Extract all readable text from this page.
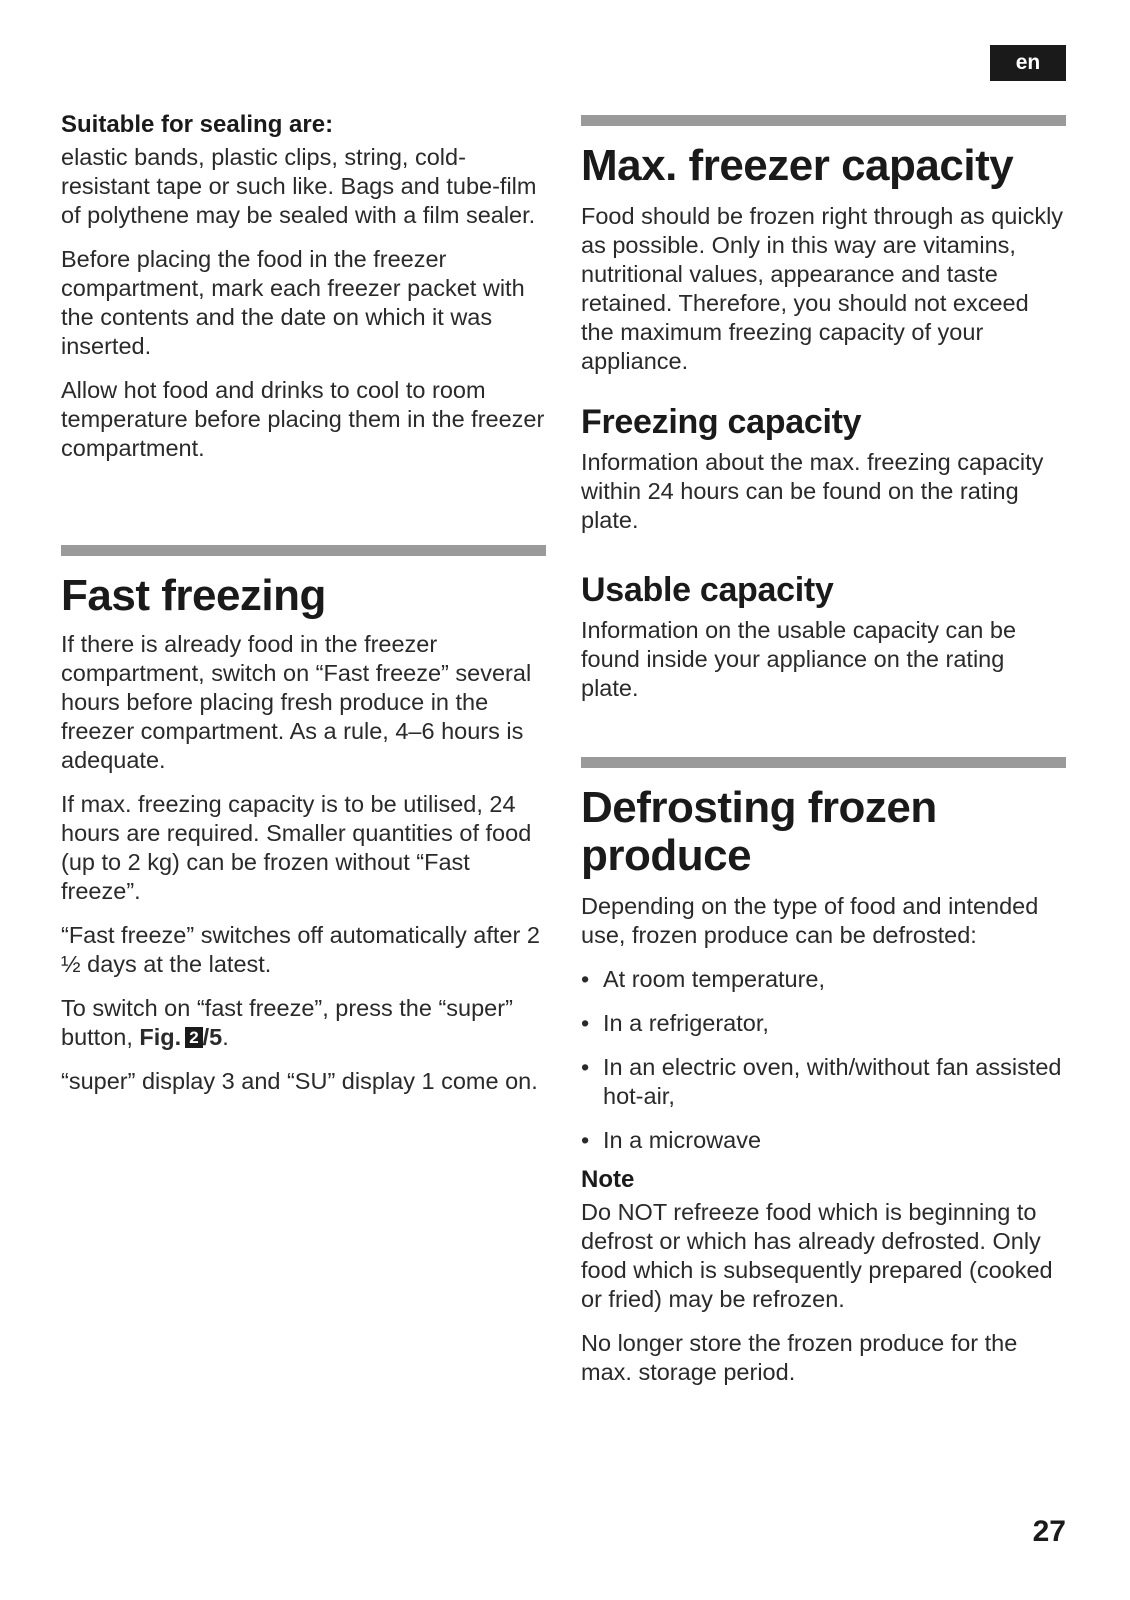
en
Suitable for sealing are:

elastic bands, plastic clips, string, cold-resistant tape or such like. Bags and tube-film of polythene may be sealed with a film sealer.

Before placing the food in the freezer compartment, mark each freezer packet with the contents and the date on which it was inserted.

Allow hot food and drinks to cool to room temperature before placing them in the freezer compartment.

Fast freezing

If there is already food in the freezer compartment, switch on “Fast freeze” several hours before placing fresh produce in the freezer compartment. As a rule, 4–6 hours is adequate.

If max. freezing capacity is to be utilised, 24 hours are required. Smaller quantities of food (up to 2 kg) can be frozen without “Fast freeze”.

“Fast freeze” switches off automatically after 2 ½ days at the latest.

To switch on “fast freeze”, press the “super” button, Fig. 2 /5.

“super” display 3 and “SU” display 1 come on.

Max. freezer capacity

Food should be frozen right through as quickly as possible. Only in this way are vitamins, nutritional values, appearance and taste retained. Therefore, you should not exceed the maximum freezing capacity of your appliance.

Freezing capacity

Information about the max. freezing capacity within 24 hours can be found on the rating plate.

Usable capacity

Information on the usable capacity can be found inside your appliance on the rating plate.

Defrosting frozen produce

Depending on the type of food and intended use, frozen produce can be defrosted:

• At room temperature,
• In a refrigerator,
• In an electric oven, with/without fan assisted hot-air,
• In a microwave
Note

Do NOT refreeze food which is beginning to defrost or which has already defrosted. Only food which is subsequently prepared (cooked or fried) may be refrozen.

No longer store the frozen produce for the max. storage period.

27
